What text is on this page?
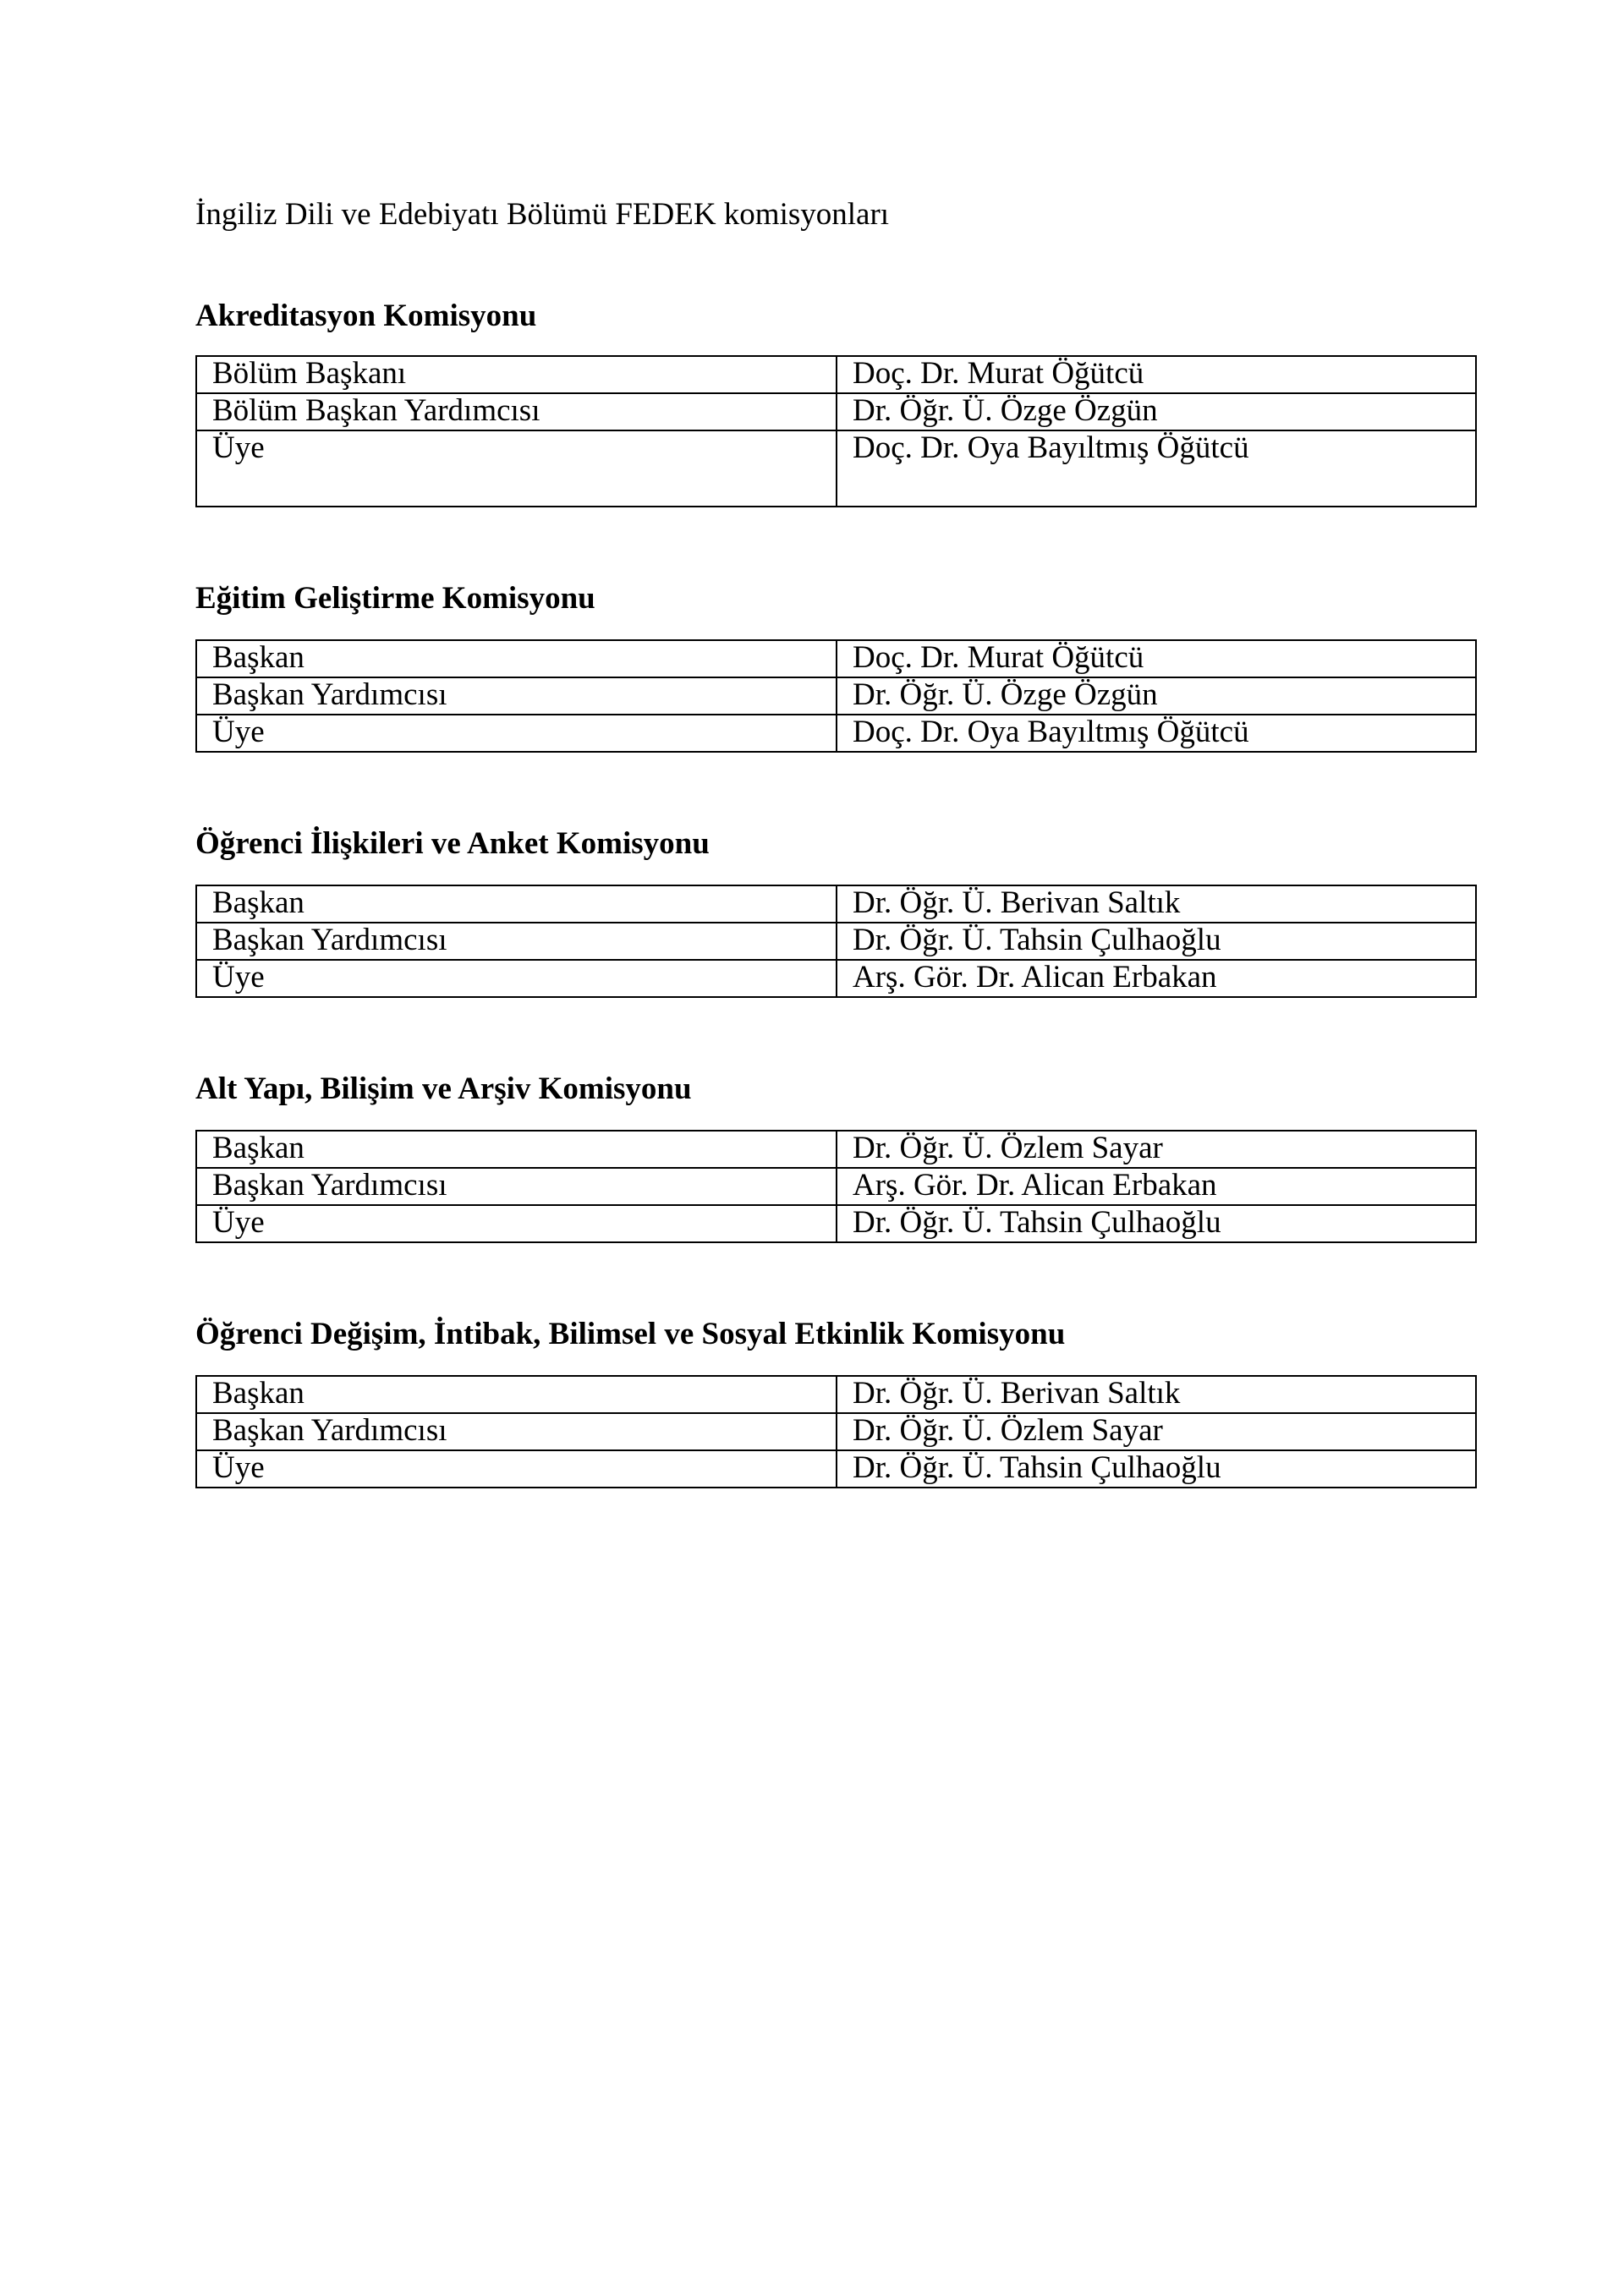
İngiliz Dili ve Edebiyatı Bölümü FEDEK komisyonları
Akreditasyon Komisyonu
Bölüm Başkanı	Doç. Dr. Murat Öğütcü
Bölüm Başkan Yardımcısı	Dr. Öğr. Ü. Özge Özgün
Üye	Doç. Dr. Oya Bayıltmış Öğütcü
Eğitim Geliştirme Komisyonu
Başkan	Doç. Dr. Murat Öğütcü
Başkan Yardımcısı	Dr. Öğr. Ü. Özge Özgün
Üye	Doç. Dr. Oya Bayıltmış Öğütcü
Öğrenci İlişkileri ve Anket Komisyonu
Başkan	Dr. Öğr. Ü. Berivan Saltık
Başkan Yardımcısı	Dr. Öğr. Ü. Tahsin Çulhaoğlu
Üye	Arş. Gör. Dr. Alican Erbakan
Alt Yapı, Bilişim ve Arşiv Komisyonu
Başkan	Dr. Öğr. Ü. Özlem Sayar
Başkan Yardımcısı	Arş. Gör. Dr. Alican Erbakan
Üye	Dr. Öğr. Ü. Tahsin Çulhaoğlu
Öğrenci Değişim, İntibak, Bilimsel ve Sosyal Etkinlik Komisyonu
Başkan	Dr. Öğr. Ü. Berivan Saltık
Başkan Yardımcısı	Dr. Öğr. Ü. Özlem Sayar
Üye	Dr. Öğr. Ü. Tahsin Çulhaoğlu
